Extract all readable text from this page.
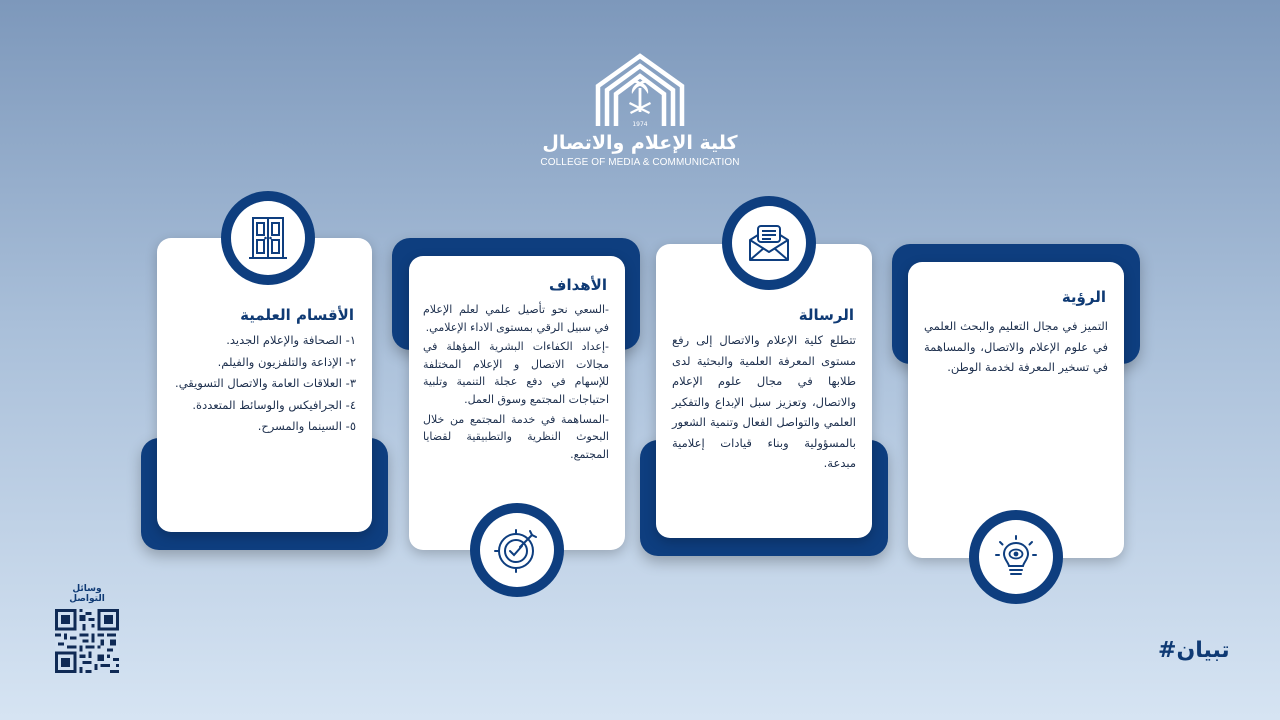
1974
كلية الإعلام والاتصال
COLLEGE OF MEDIA & COMMUNICATION
الرؤية
التميز في مجال التعليم والبحث العلمي في علوم الإعلام والاتصال، والمساهمة في تسخير المعرفة لخدمة الوطن.
الرسالة
تتطلع كلية الإعلام والاتصال إلى رفع مستوى المعرفة العلمية والبحثية لدى طلابها في مجال علوم الإعلام والاتصال، وتعزيز سبل الإبداع والتفكير العلمي والتواصل الفعال وتنمية الشعور بالمسؤولية وبناء قيادات إعلامية مبدعة.
الأهداف

-السعي نحو تأصيل علمي لعلم الإعلام في سبيل الرقي بمستوى الاداء الإعلامي.

-إعداد الكفاءات البشرية المؤهلة في مجالات الاتصال و الإعلام المختلفة للإسهام في دفع عجلة التنمية وتلبية احتياجات المجتمع وسوق العمل.

-المساهمة في خدمة المجتمع من خلال البحوث النظرية والتطبيقية لقضايا المجتمع.

الأقسام العلمية

١- الصحافة والإعلام الجديد.

٢- الإذاعة والتلفزيون والفيلم.

٣- العلاقات العامة والاتصال التسويقي.

٤- الجرافيكس والوسائط المتعددة.

٥- السينما والمسرح.

وسائل التواصل
#تبيان
